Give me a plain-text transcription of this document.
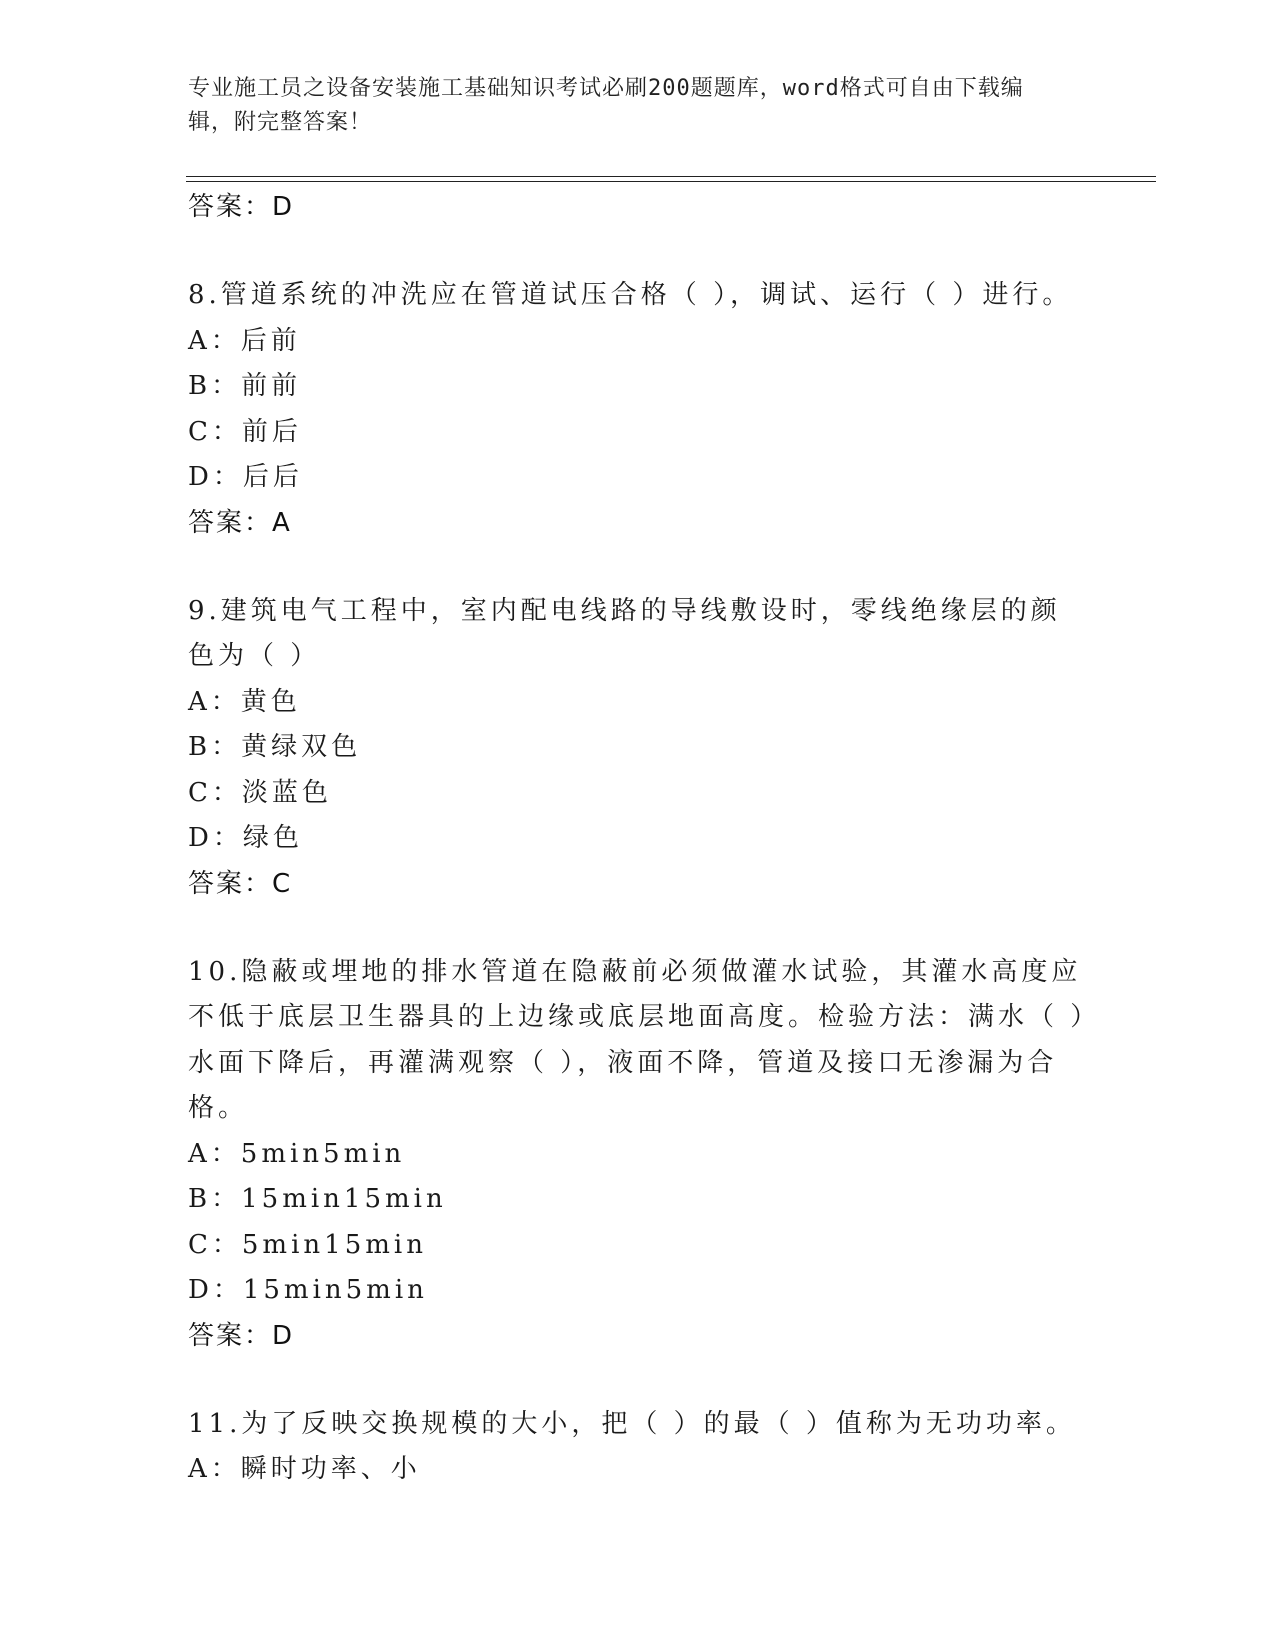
专业施工员之设备安装施工基础知识考试必刷200题题库，word格式可自由下载编辑，附完整答案！
答案：D
8.管道系统的冲洗应在管道试压合格（ ），调试、运行（ ）进行。
A：后前
B：前前
C：前后
D：后后
答案：A
9.建筑电气工程中，室内配电线路的导线敷设时，零线绝缘层的颜色为（ ）
A：黄色
B：黄绿双色
C：淡蓝色
D：绿色
答案：C
10.隐蔽或埋地的排水管道在隐蔽前必须做灌水试验，其灌水高度应不低于底层卫生器具的上边缘或底层地面高度。检验方法：满水（ ）水面下降后，再灌满观察（ ），液面不降，管道及接口无渗漏为合格。
A：5min5min
B：15min15min
C：5min15min
D：15min5min
答案：D
11.为了反映交换规模的大小，把（ ）的最（ ）值称为无功功率。
A：瞬时功率、小
